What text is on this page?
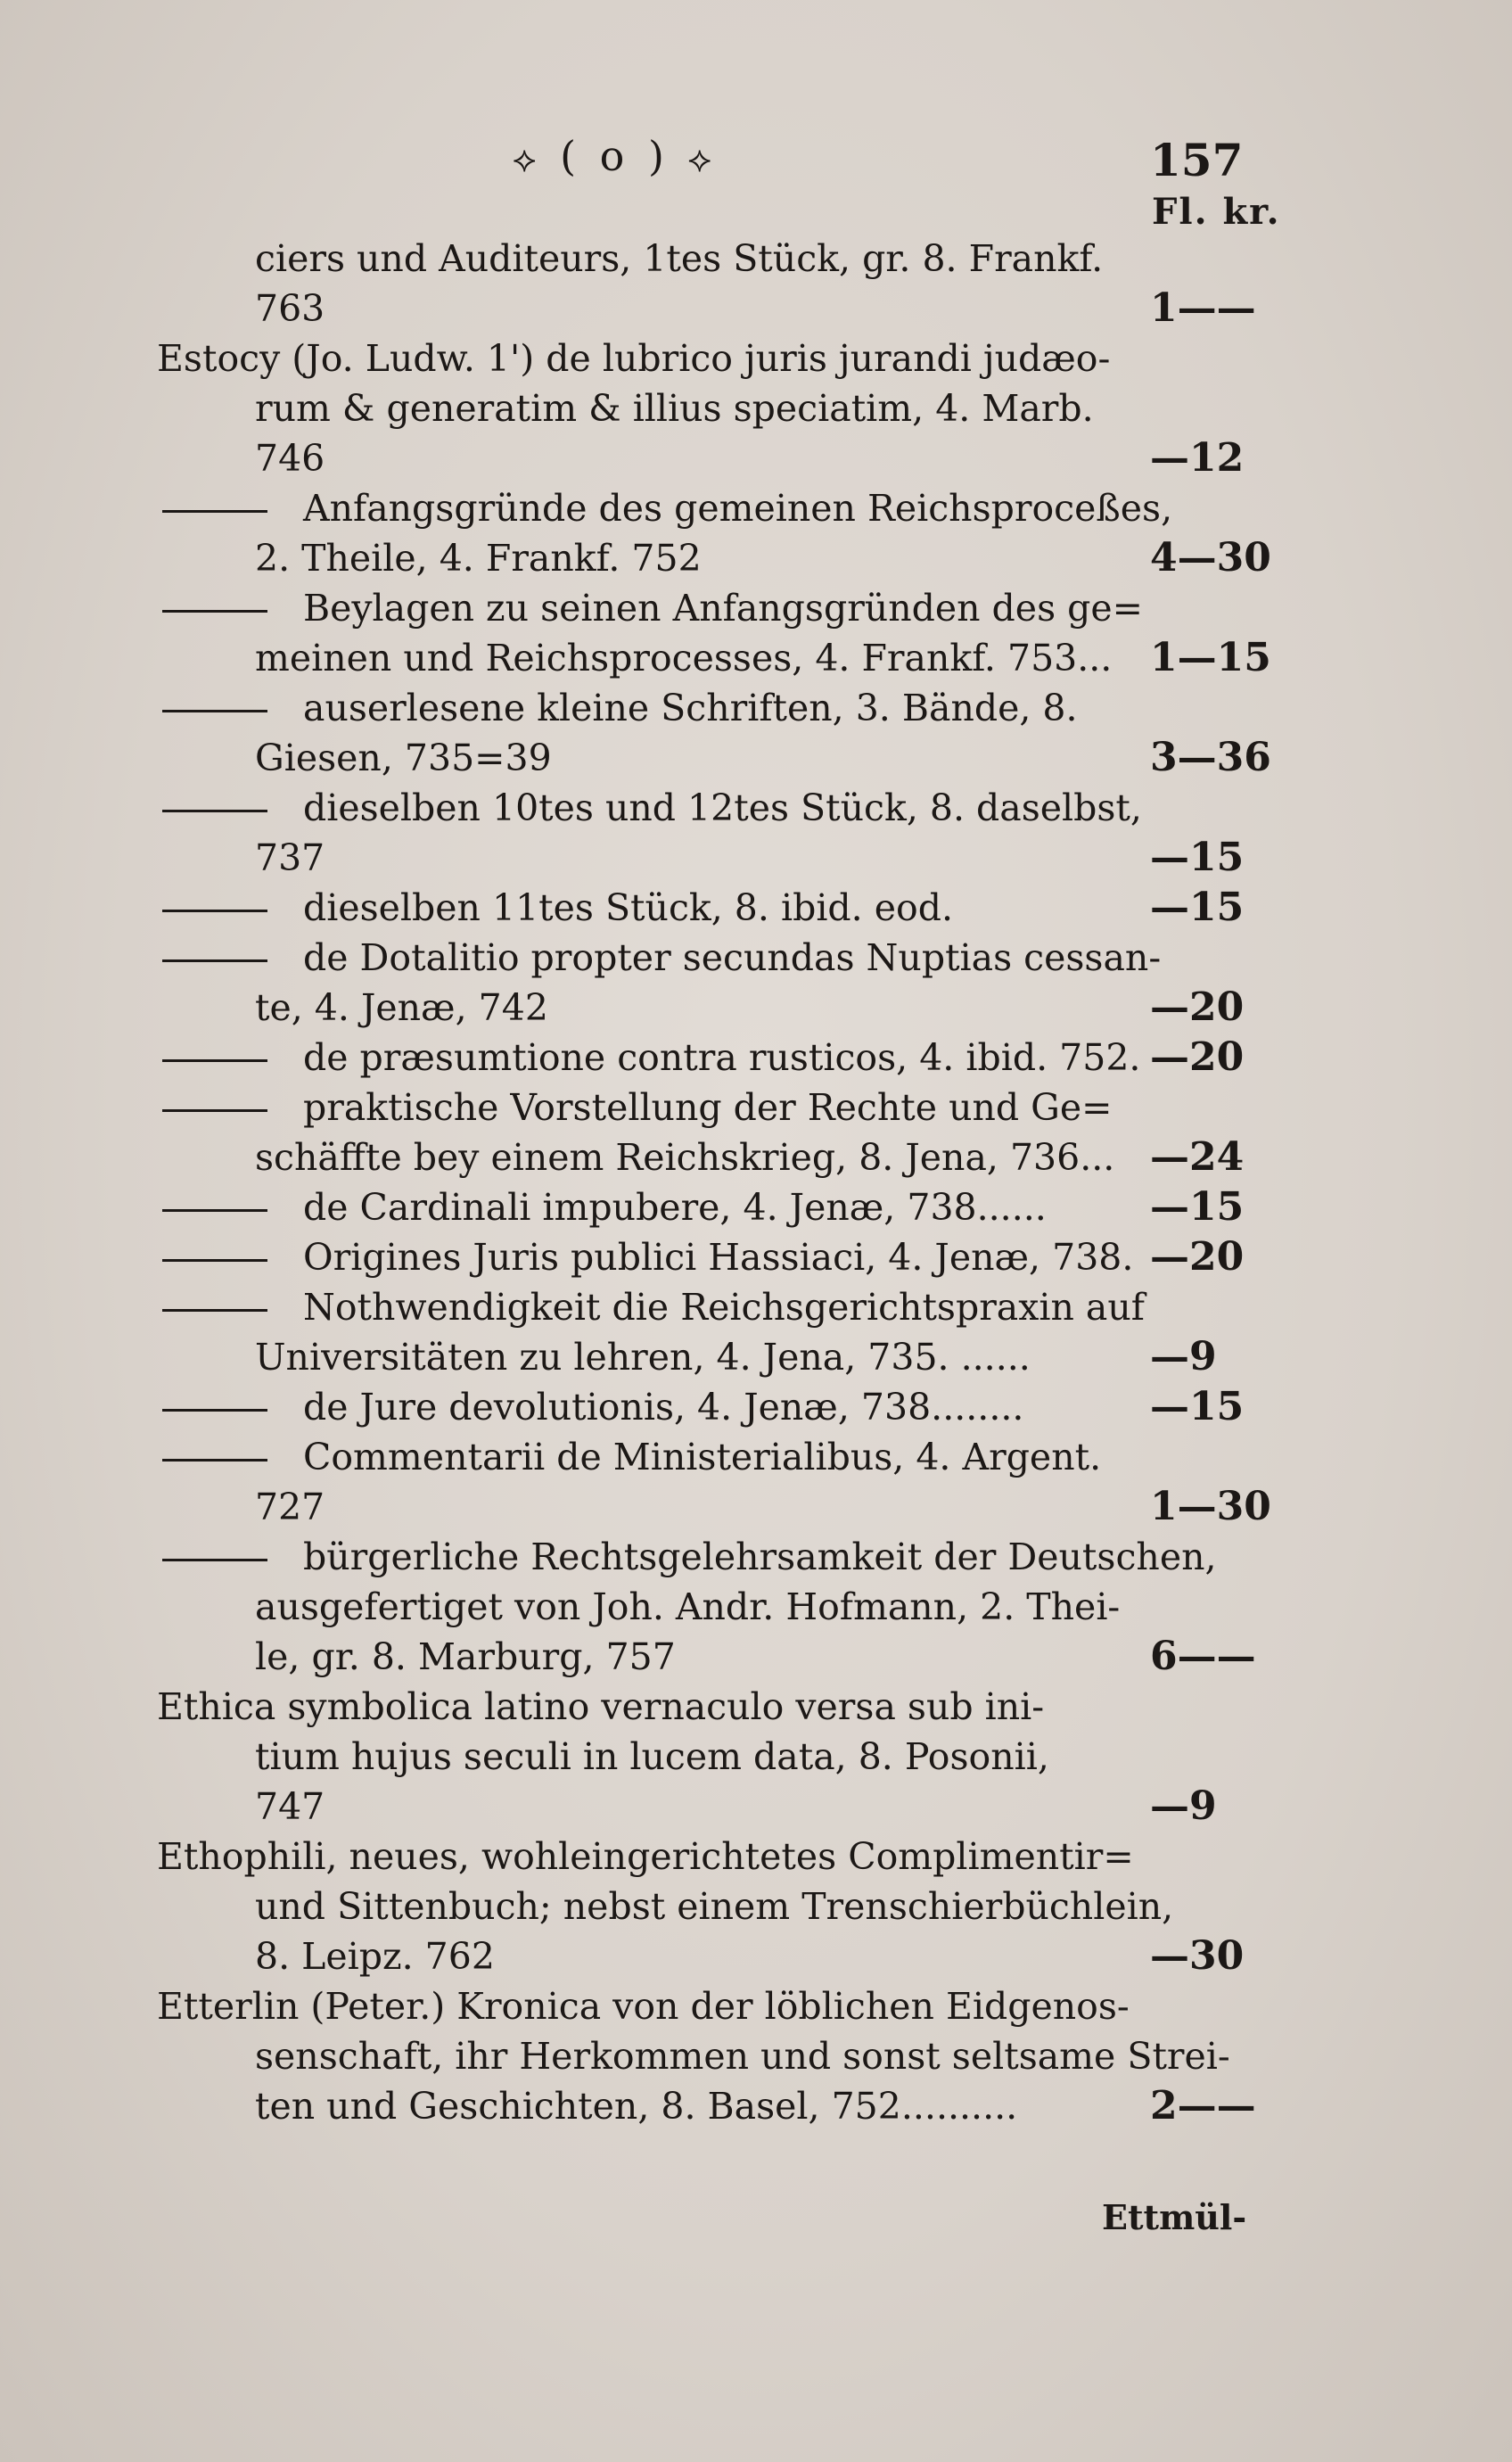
⟡ ( o ) ⟡	157
Fl. kr.
ciers und Auditeurs, 1tes Stück, gr. 8. Frankf.
763	1——
Estocy (Jo. Ludw. 1') de lubrico juris jurandi judæo-
rum & generatim & illius speciatim, 4. Marb.
746	—12
Anfangsgründe des gemeinen Reichsproceßes,
2. Theile, 4. Frankf. 752	4—30
Beylagen zu seinen Anfangsgründen des ge=
meinen und Reichsprocesses, 4. Frankf. 753... 1—15
auserlesene kleine Schriften, 3. Bände, 8.
Giesen, 735=39	3—36
dieselben 10tes und 12tes Stück, 8. daselbst,
737	—15
dieselben 11tes Stück, 8. ibid. eod.	—15
de Dotalitio propter secundas Nuptias cessan-
te, 4. Jenæ, 742	—20
de præsumtione contra rusticos, 4. ibid. 752. —20
praktische Vorstellung der Rechte und Ge=
schäffte bey einem Reichskrieg, 8. Jena, 736... —24
de Cardinali impubere, 4. Jenæ, 738......	—15
Origines Juris publici Hassiaci, 4. Jenæ, 738. —20
Nothwendigkeit die Reichsgerichtspraxin auf
Universitäten zu lehren, 4. Jena, 735. ......	—9
de Jure devolutionis, 4. Jenæ, 738........	—15
Commentarii de Ministerialibus, 4. Argent.
727	1—30
bürgerliche Rechtsgelehrsamkeit der Deutschen,
ausgefertiget von Joh. Andr. Hofmann, 2. Thei-
le, gr. 8. Marburg, 757	6——
Ethica symbolica latino vernaculo versa sub ini-
tium hujus seculi in lucem data, 8. Posonii,
747	—9
Ethophili, neues, wohleingerichtetes Complimentir=
und Sittenbuch; nebst einem Trenschierbüchlein,
8. Leipz. 762	—30
Etterlin (Peter.) Kronica von der löblichen Eidgenos-
senschaft, ihr Herkommen und sonst seltsame Strei-
ten und Geschichten, 8. Basel, 752..........	2——
Ettmül-
